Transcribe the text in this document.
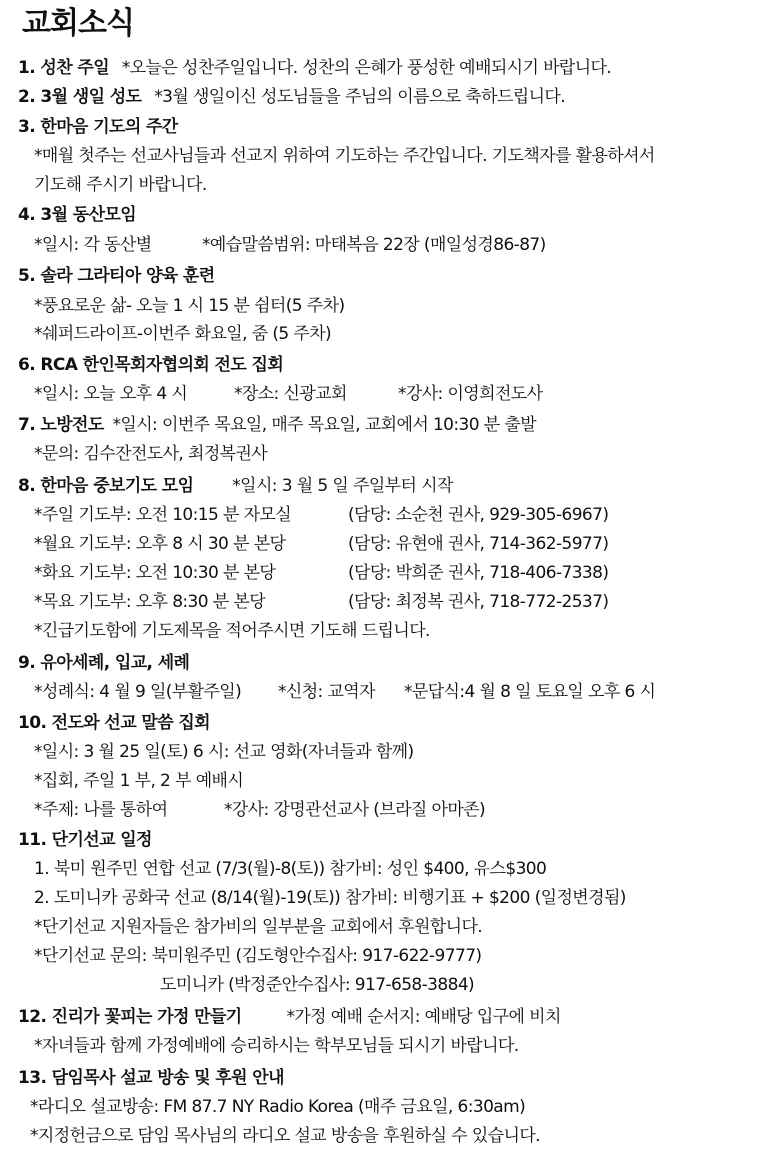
교회소식
1. 성찬 주일 *오늘은 성찬주일입니다. 성찬의 은혜가 풍성한 예배되시기 바랍니다.
2. 3월 생일 성도 *3월 생일이신 성도님들을 주님의 이름으로 축하드립니다.
3. 한마음 기도의 주간
*매월 첫주는 선교사님들과 선교지 위하여 기도하는 주간입니다. 기도책자를 활용하셔서
기도해 주시기 바랍니다.
4. 3월 동산모임
*일시: 각 동산별	*예습말씀범위: 마태복음 22장 (매일성경86-87)
5. 솔라 그라티아 양육 훈련
*풍요로운 삶- 오늘 1 시 15 분 쉼터(5 주차)
*쉐퍼드라이프-이번주 화요일, 줌 (5 주차)
6. RCA 한인목회자협의회 전도 집회
*일시: 오늘 오후 4 시	*장소: 신광교회	*강사: 이영희전도사
7. 노방전도 *일시: 이번주 목요일, 매주 목요일, 교회에서 10:30 분 출발
*문의: 김수잔전도사, 최정복권사
8. 한마음 중보기도 모임 *일시: 3 월 5 일 주일부터 시작
*주일 기도부: 오전 10:15 분 자모실	(담당: 소순천 권사, 929-305-6967)
*월요 기도부: 오후 8 시 30 분 본당	(담당: 유현애 권사, 714-362-5977)
*화요 기도부: 오전 10:30 분 본당	(담당: 박희준 권사, 718-406-7338)
*목요 기도부: 오후 8:30 분 본당	(담당: 최정복 권사, 718-772-2537)
*긴급기도함에 기도제목을 적어주시면 기도해 드립니다.
9. 유아세례, 입교, 세례
*성례식: 4 월 9 일(부활주일) *신청: 교역자 *문답식:4 월 8 일 토요일 오후 6 시
10. 전도와 선교 말씀 집회
*일시: 3 월 25 일(토) 6 시: 선교 영화(자녀들과 함께)
*집회, 주일 1 부, 2 부 예배시
*주제: 나를 통하여	*강사: 강명관선교사 (브라질 아마존)
11. 단기선교 일정
1. 북미 원주민 연합 선교 (7/3(월)-8(토)) 참가비: 성인 $400, 유스$300
2. 도미니카 공화국 선교 (8/14(월)-19(토)) 참가비: 비행기표 + $200 (일정변경됨)
*단기선교 지원자들은 참가비의 일부분을 교회에서 후원합니다.
*단기선교 문의: 북미원주민 (김도형안수집사: 917-622-9777)
도미니카 (박정준안수집사: 917-658-3884)
12. 진리가 꽃피는 가정 만들기	*가정 예배 순서지: 예배당 입구에 비치
*자녀들과 함께 가정예배에 승리하시는 학부모님들 되시기 바랍니다.
13. 담임목사 설교 방송 및 후원 안내
*라디오 설교방송: FM 87.7 NY Radio Korea (매주 금요일, 6:30am)
*지정헌금으로 담임 목사님의 라디오 설교 방송을 후원하실 수 있습니다.
